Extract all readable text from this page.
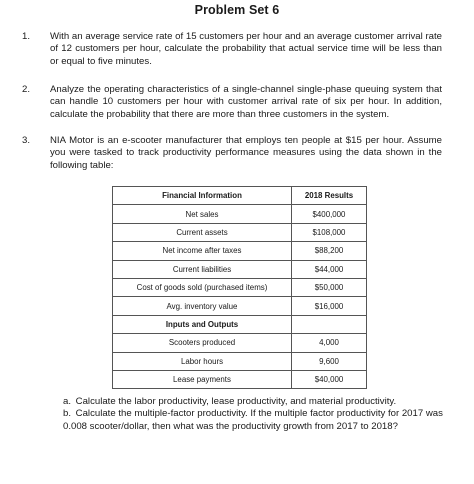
Problem Set 6
1. With an average service rate of 15 customers per hour and an average customer arrival rate of 12 customers per hour, calculate the probability that actual service time will be less than or equal to five minutes.
2. Analyze the operating characteristics of a single-channel single-phase queuing system that can handle 10 customers per hour with customer arrival rate of six per hour. In addition, calculate the probability that there are more than three customers in the system.
3. NIA Motor is an e-scooter manufacturer that employs ten people at $15 per hour. Assume you were tasked to track productivity performance measures using the data shown in the following table:
Financial Information	2018 Results
Net sales	$400,000
Current assets	$108,000
Net income after taxes	$88,200
Current liabilities	$44,000
Cost of goods sold (purchased items)	$50,000
Avg. inventory value	$16,000
Inputs and Outputs	
Scooters produced	4,000
Labor hours	9,600
Lease payments	$40,000
a. Calculate the labor productivity, lease productivity, and material productivity.
b. Calculate the multiple-factor productivity. If the multiple factor productivity for 2017 was 0.008 scooter/dollar, then what was the productivity growth from 2017 to 2018?
